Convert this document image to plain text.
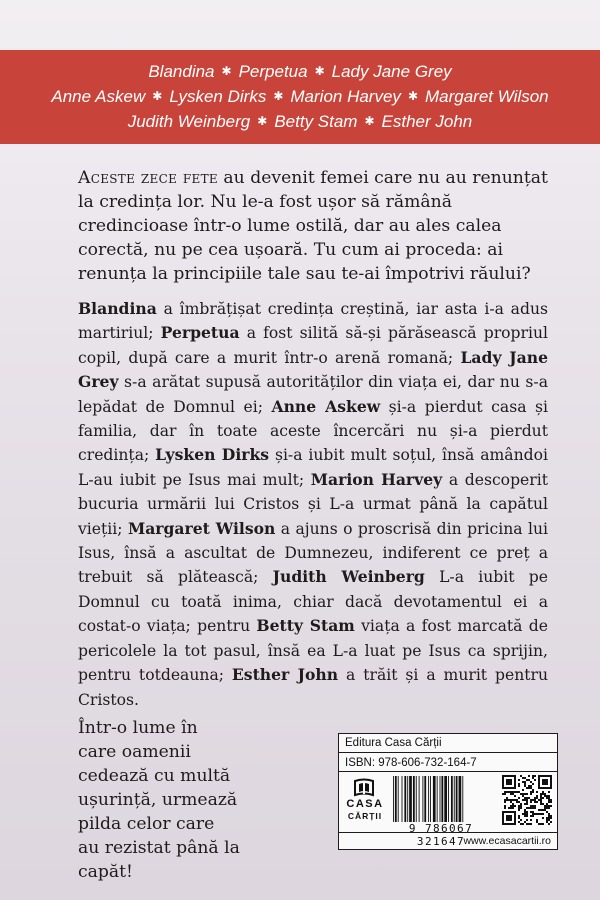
Blandina ✱ Perpetua ✱ Lady Jane Grey
Anne Askew ✱ Lysken Dirks ✱ Marion Harvey ✱ Margaret Wilson
Judith Weinberg ✱ Betty Stam ✱ Esther John
Aceste zece fete au devenit femei care nu au renunțat la credința lor. Nu le-a fost ușor să rămână credincioase într-o lume ostilă, dar au ales calea corectă, nu pe cea ușoară. Tu cum ai proceda: ai renunța la principiile tale sau te-ai împotrivi răului?
Blandina a îmbrățișat credința creștină, iar asta i-a adus martiriul; Perpetua a fost silită să-și părăsească propriul copil, după care a murit într-o arenă romană; Lady Jane Grey s-a arătat supusă autorităților din viața ei, dar nu s-a lepădat de Domnul ei; Anne Askew și-a pierdut casa și familia, dar în toate aceste încercări nu și-a pierdut credința; Lysken Dirks și-a iubit mult soțul, însă amândoi L-au iubit pe Isus mai mult; Marion Harvey a descoperit bucuria urmării lui Cristos și L-a urmat până la capătul vieții; Margaret Wilson a ajuns o proscrisă din pricina lui Isus, însă a ascultat de Dumnezeu, indiferent ce preț a trebuit să plătească; Judith Weinberg L-a iubit pe Domnul cu toată inima, chiar dacă devotamentul ei a costat-o viața; pentru Betty Stam viața a fost marcată de pericolele la tot pasul, însă ea L-a luat pe Isus ca sprijin, pentru totdeauna; Esther John a trăit și a murit pentru Cristos.
Într-o lume în care oamenii cedează cu multă ușurință, urmează pilda celor care au rezistat până la capăt!
Editura Casa Cărții
ISBN: 978-606-732-164-7
CASA
CĂRȚII
9 786067 321647
www.ecasacartii.ro
